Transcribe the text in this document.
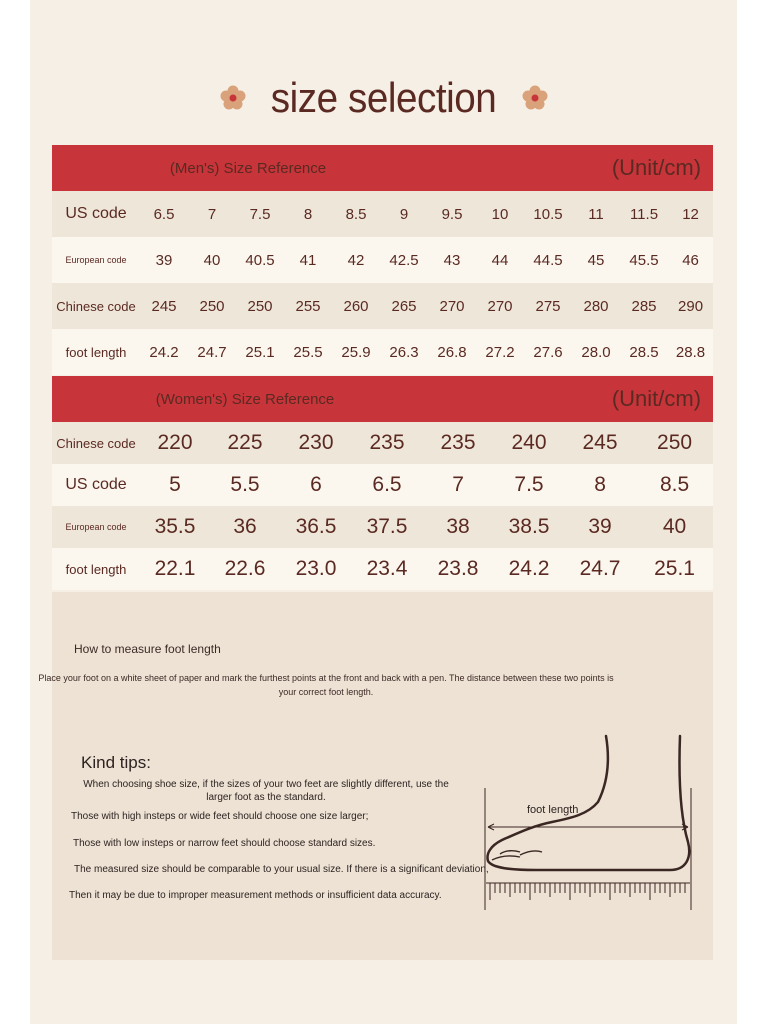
size selection
(Men's) Size Reference							(Unit/cm)					
US code	6.5	7	7.5	8	8.5	9	9.5	10	10.5	11	11.5	12
European code	39	40	40.5	41	42	42.5	43	44	44.5	45	45.5	46
Chinese code	245	250	250	255	260	265	270	270	275	280	285	290
foot length	24.2	24.7	25.1	25.5	25.9	26.3	26.8	27.2	27.6	28.0	28.5	28.8
(Women's) Size Reference					(Unit/cm)			
Chinese code	220	225	230	235	235	240	245	250
US code	5	5.5	6	6.5	7	7.5	8	8.5
European code	35.5	36	36.5	37.5	38	38.5	39	40
foot length	22.1	22.6	23.0	23.4	23.8	24.2	24.7	25.1
How to measure foot length
Place your foot on a white sheet of paper and mark the furthest points at the front and back with a pen. The distance between these two points is your correct foot length.
Kind tips:
When choosing shoe size, if the sizes of your two feet are slightly different, use the larger foot as the standard.
Those with high insteps or wide feet should choose one size larger;
Those with low insteps or narrow feet should choose standard sizes.
The measured size should be comparable to your usual size. If there is a significant deviation,
Then it may be due to improper measurement methods or insufficient data accuracy.
foot length
